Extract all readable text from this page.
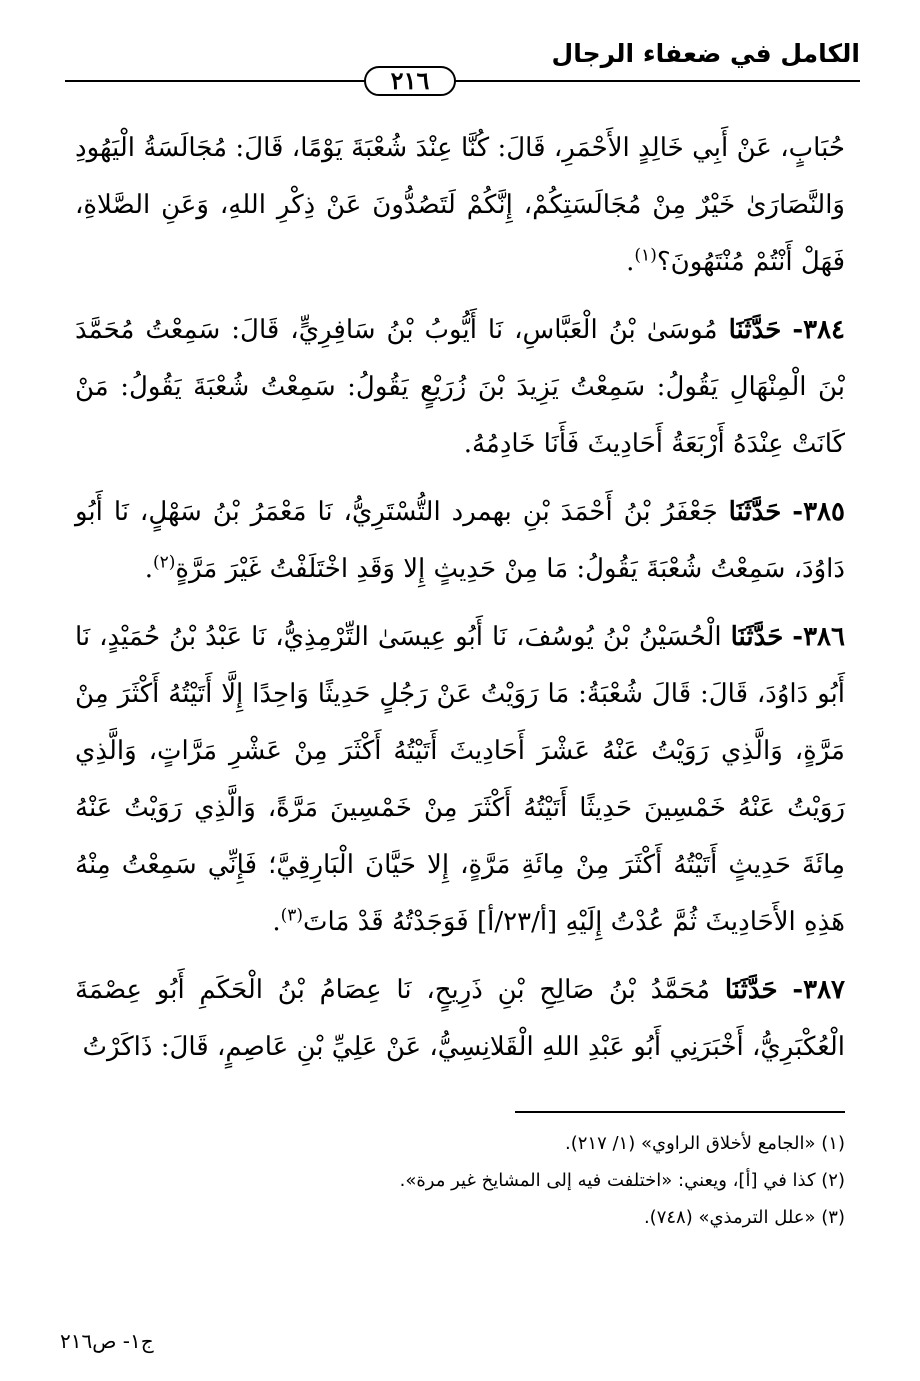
الكامل في ضعفاء الرجال
٢١٦

حُبَابٍ، عَنْ أَبِي خَالِدٍ الأَحْمَرِ، قَالَ: كُنَّا عِنْدَ شُعْبَةَ يَوْمًا، قَالَ: مُجَالَسَةُ الْيَهُودِ وَالنَّصَارَىٰ خَيْرٌ مِنْ مُجَالَسَتِكُمْ، إِنَّكُمْ لَتَصُدُّونَ عَنْ ذِكْرِ اللهِ، وَعَنِ الصَّلاةِ، فَهَلْ أَنْتُمْ مُنْتَهُونَ؟$^{(١)}$.

٣٨٤- حَدَّثَنَا مُوسَىٰ بْنُ الْعَبَّاسِ، نَا أَيُّوبُ بْنُ سَافِرِيٍّ، قَالَ: سَمِعْتُ مُحَمَّدَ بْنَ الْمِنْهَالِ يَقُولُ: سَمِعْتُ يَزِيدَ بْنَ زُرَيْعٍ يَقُولُ: سَمِعْتُ شُعْبَةَ يَقُولُ: مَنْ كَانَتْ عِنْدَهُ أَرْبَعَةُ أَحَادِيثَ فَأَنَا خَادِمُهُ.

٣٨٥- حَدَّثَنَا جَعْفَرُ بْنُ أَحْمَدَ بْنِ بهمرد التُّسْتَرِيُّ، نَا مَعْمَرُ بْنُ سَهْلٍ، نَا أَبُو دَاوُدَ، سَمِعْتُ شُعْبَةَ يَقُولُ: مَا مِنْ حَدِيثٍ إِلا وَقَدِ اخْتَلَفْتُ غَيْرَ مَرَّةٍ$^{(٢)}$.

٣٨٦- حَدَّثَنَا الْحُسَيْنُ بْنُ يُوسُفَ، نَا أَبُو عِيسَىٰ التِّرْمِذِيُّ، نَا عَبْدُ بْنُ حُمَيْدٍ، نَا أَبُو دَاوُدَ، قَالَ: قَالَ شُعْبَةُ: مَا رَوَيْتُ عَنْ رَجُلٍ حَدِيثًا وَاحِدًا إِلَّا أَتَيْتُهُ أَكْثَرَ مِنْ مَرَّةٍ، وَالَّذِي رَوَيْتُ عَنْهُ عَشْرَ أَحَادِيثَ أَتَيْتُهُ أَكْثَرَ مِنْ عَشْرِ مَرَّاتٍ، وَالَّذِي رَوَيْتُ عَنْهُ خَمْسِينَ حَدِيثًا أَتَيْتُهُ أَكْثَرَ مِنْ خَمْسِينَ مَرَّةً، وَالَّذِي رَوَيْتُ عَنْهُ مِائَةَ حَدِيثٍ أَتَيْتُهُ أَكْثَرَ مِنْ مِائَةِ مَرَّةٍ، إِلا حَيَّانَ الْبَارِقِيَّ؛ فَإِنِّي سَمِعْتُ مِنْهُ هَذِهِ الأَحَادِيثَ ثُمَّ عُدْتُ إِلَيْهِ [أ/٢٣/أ] فَوَجَدْتُهُ قَدْ مَاتَ$^{(٣)}$.

٣٨٧- حَدَّثَنَا مُحَمَّدُ بْنُ صَالِحِ بْنِ ذَرِيحٍ، نَا عِصَامُ بْنُ الْحَكَمِ أَبُو عِصْمَةَ الْعُكْبَرِيُّ، أَخْبَرَنِي أَبُو عَبْدِ اللهِ الْقَلانِسِيُّ، عَنْ عَلِيِّ بْنِ عَاصِمٍ، قَالَ: ذَاكَرْتُ

(١) «الجامع لأخلاق الراوي» (١/ ٢١٧).

(٢) كذا في [أ]، ويعني: «اختلفت فيه إلى المشايخ غير مرة».

(٣) «علل الترمذي» (٧٤٨).

ج١- ص٢١٦
